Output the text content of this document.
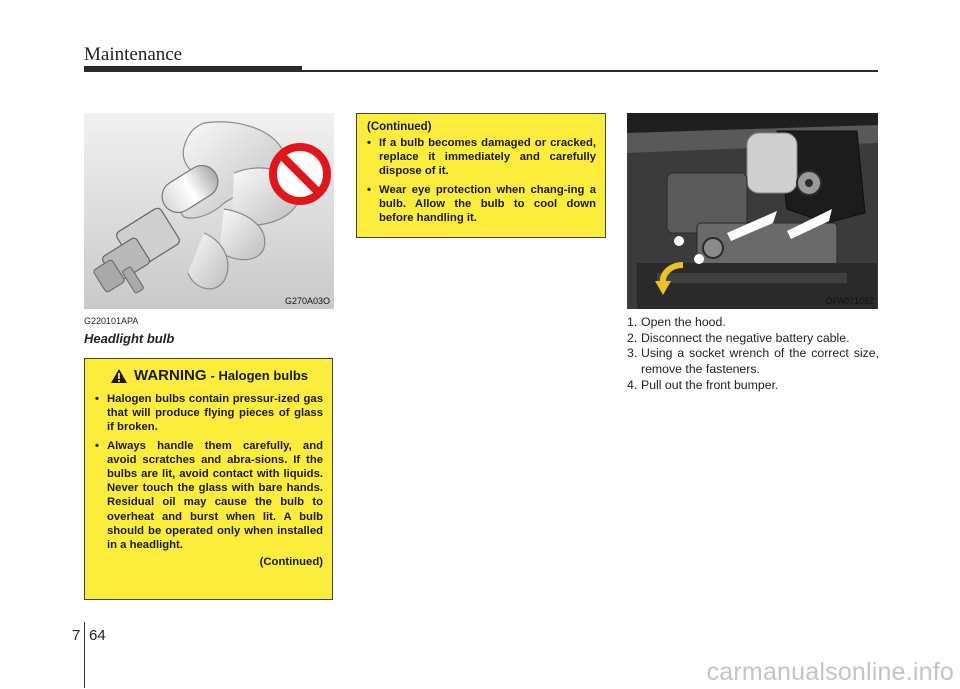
Maintenance
G270A03O	OPA071062
G220101APA
Headlight bulb
WARNING - Halogen bulbs
• Halogen bulbs contain pressur-ized gas that will produce flying pieces of glass if broken.
• Always handle them carefully, and avoid scratches and abra-sions. If the bulbs are lit, avoid contact with liquids. Never touch the glass with bare hands. Residual oil may cause the bulb to overheat and burst when lit. A bulb should be operated only when installed in a headlight.
(Continued)
(Continued)
• If a bulb becomes damaged or cracked, replace it immediately and carefully dispose of it.
• Wear eye protection when chang-ing a bulb. Allow the bulb to cool down before handling it.
1. Open the hood.
2. Disconnect the negative battery cable.
3. Using a socket wrench of the correct size, remove the fasteners.
4. Pull out the front bumper.
7 64
carmanualsonline.info
